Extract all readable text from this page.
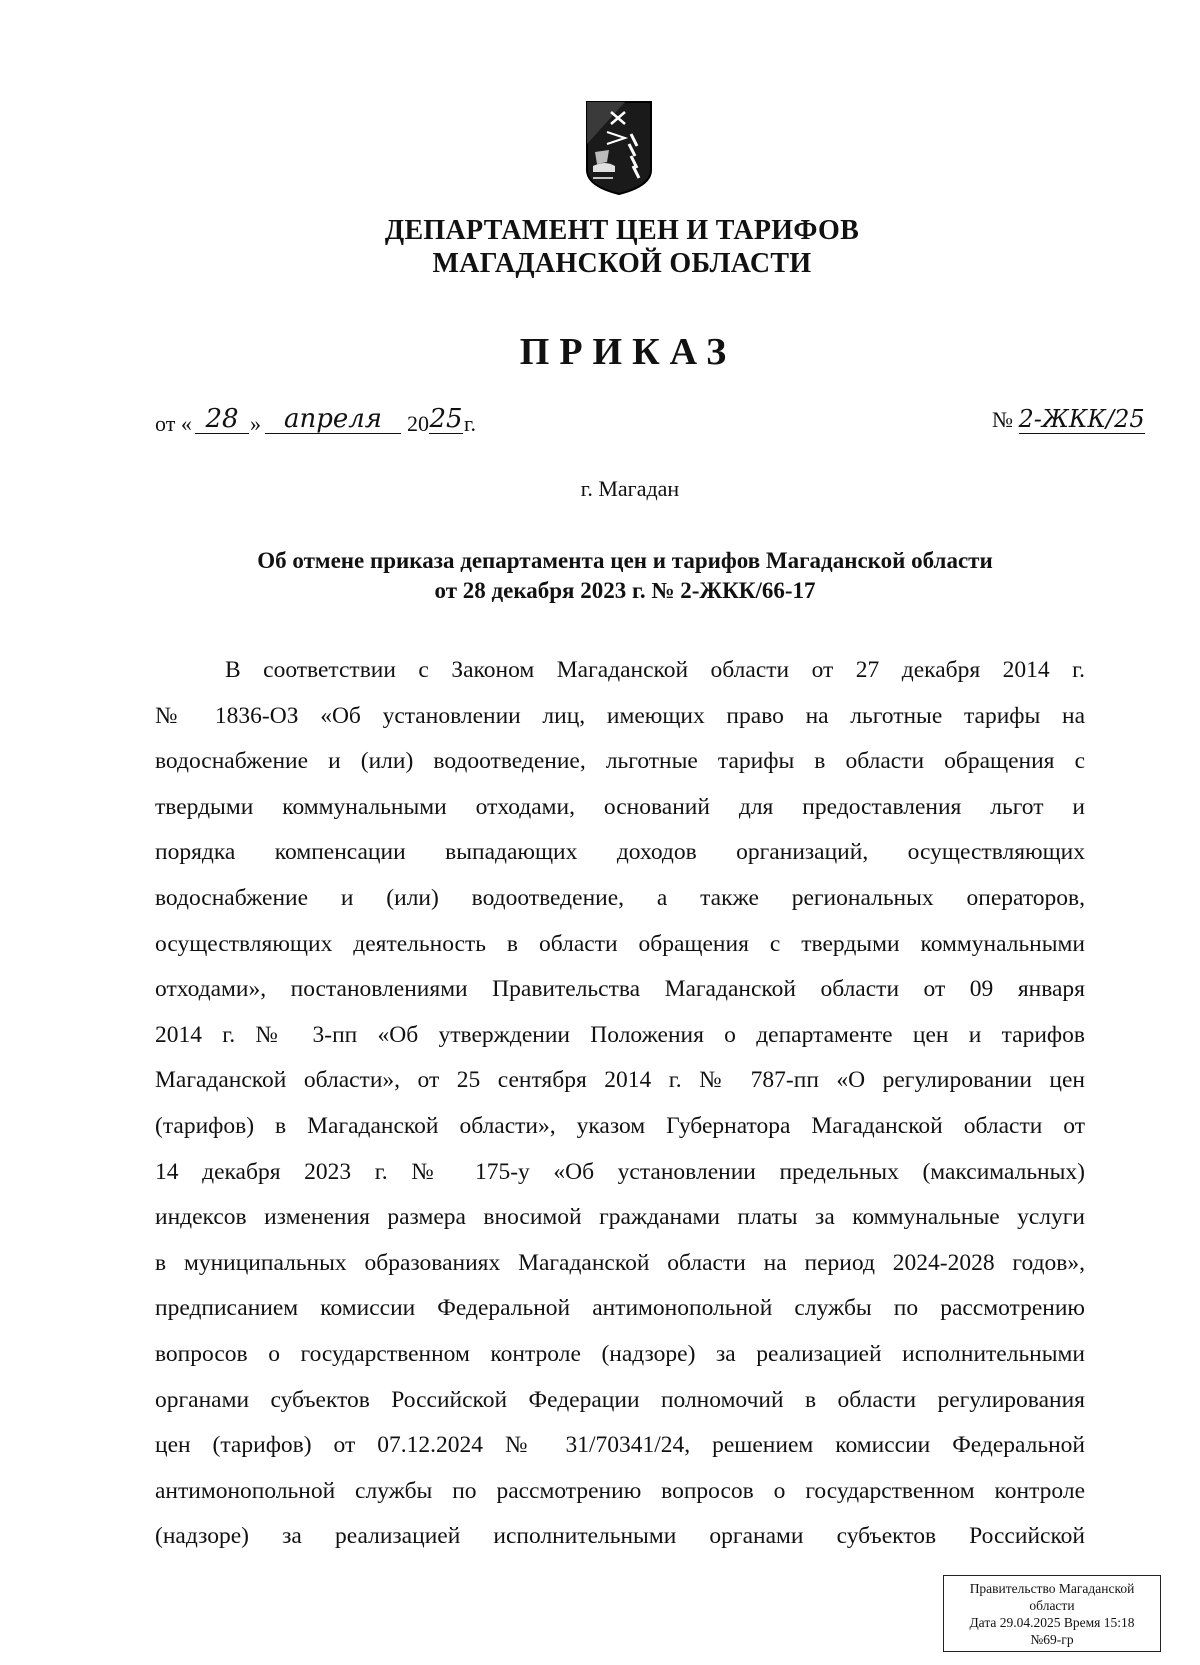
ДЕПАРТАМЕНТ ЦЕН И ТАРИФОВ
МАГАДАНСКОЙ ОБЛАСТИ
ПРИКАЗ
от « 28 » апреля	20 25 г.	№ 2-ЖКК/25
г. Магадан
Об отмене приказа департамента цен и тарифов Магаданской области
от 28 декабря 2023 г. № 2-ЖКК/66-17
В соответствии с Законом Магаданской области от 27 декабря 2014 г.
№ 1836-ОЗ «Об установлении лиц, имеющих право на льготные тарифы на
водоснабжение и (или) водоотведение, льготные тарифы в области обращения с
твердыми коммунальными отходами, оснований для предоставления льгот и
порядка компенсации выпадающих доходов организаций, осуществляющих
водоснабжение и (или) водоотведение, а также региональных операторов,
осуществляющих деятельность в области обращения с твердыми коммунальными
отходами», постановлениями Правительства Магаданской области от 09 января
2014 г. № 3-пп «Об утверждении Положения о департаменте цен и тарифов
Магаданской области», от 25 сентября 2014 г. № 787-пп «О регулировании цен
(тарифов) в Магаданской области», указом Губернатора Магаданской области от
14 декабря 2023 г. № 175-у «Об установлении предельных (максимальных)
индексов изменения размера вносимой гражданами платы за коммунальные услуги
в муниципальных образованиях Магаданской области на период 2024-2028 годов»,
предписанием комиссии Федеральной антимонопольной службы по рассмотрению
вопросов о государственном контроле (надзоре) за реализацией исполнительными
органами субъектов Российской Федерации полномочий в области регулирования
цен (тарифов) от 07.12.2024 № 31/70341/24, решением комиссии Федеральной
антимонопольной службы по рассмотрению вопросов о государственном контроле
(надзоре) за реализацией исполнительными органами субъектов Российской
Правительство Магаданской
области
Дата 29.04.2025 Время 15:18
№69-гр
